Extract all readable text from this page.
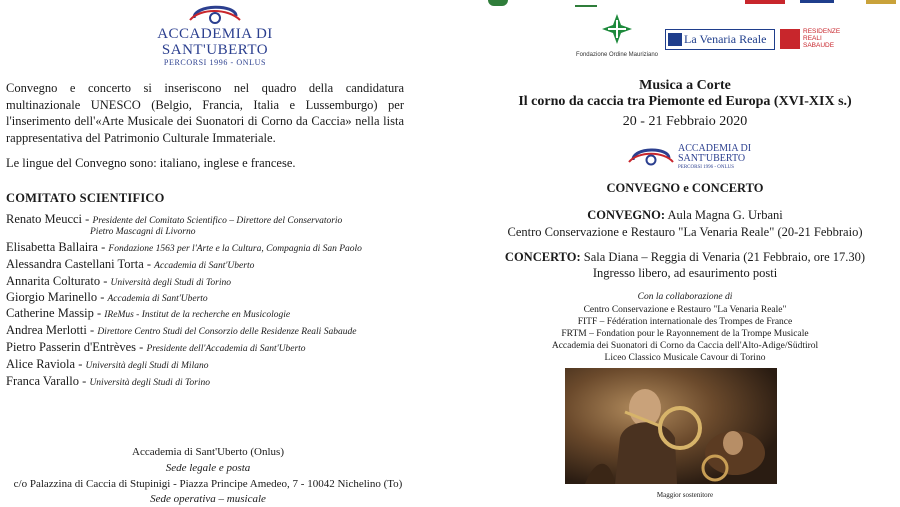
ACCADEMIA DI
SANT'UBERTO
PERCORSI 1996 - ONLUS

Convegno e concerto si inseriscono nel quadro della candidatura multinazionale UNESCO (Belgio, Francia, Italia e Lussemburgo) per l'inserimento dell'«Arte Musicale dei Suonatori di Corno da Caccia» nella lista rappresentativa del Patrimonio Culturale Immateriale.

Le lingue del Convegno sono: italiano, inglese e francese.

COMITATO SCIENTIFICO

Renato Meucci - Presidente del Comitato Scientifico – Direttore del Conservatorio
Pietro Mascagni di Livorno
Elisabetta Ballaira - Fondazione 1563 per l'Arte e la Cultura, Compagnia di San Paolo
Alessandra Castellani Torta - Accademia di Sant'Uberto
Annarita Colturato - Università degli Studi di Torino
Giorgio Marinello - Accademia di Sant'Uberto
Catherine Massip - IReMus - Institut de la recherche en Musicologie
Andrea Merlotti - Direttore Centro Studi del Consorzio delle Residenze Reali Sabaude
Pietro Passerin d'Entrèves - Presidente dell'Accademia di Sant'Uberto
Alice Raviola - Università degli Studi di Milano
Franca Varallo - Università degli Studi di Torino

Accademia di Sant'Uberto (Onlus)

Sede legale e posta

c/o Palazzina di Caccia di Stupinigi - Piazza Principe Amedeo, 7 - 10042 Nichelino (To)

Sede operativa – musicale

Fondazione Ordine Mauriziano
La Venaria Reale
RESIDENZE
REALI
SABAUDE

Musica a Corte

Il corno da caccia tra Piemonte ed Europa (XVI-XIX s.)

20 - 21 Febbraio 2020

ACCADEMIA DI
SANT'UBERTO
PERCORSI 1996 - ONLUS

CONVEGNO e CONCERTO

CONVEGNO: Aula Magna G. Urbani

Centro Conservazione e Restauro "La Venaria Reale" (20-21 Febbraio)

CONCERTO: Sala Diana – Reggia di Venaria (21 Febbraio, ore 17.30)

Ingresso libero, ad esaurimento posti

Con la collaborazione di

Centro Conservazione e Restauro "La Venaria Reale"

FITF – Fédération internationale des Trompes de France

FRTM – Fondation pour le Rayonnement de la Trompe Musicale

Accademia dei Suonatori di Corno da Caccia dell'Alto-Adige/Südtirol

Liceo Classico Musicale Cavour di Torino

Maggior sostenitore
